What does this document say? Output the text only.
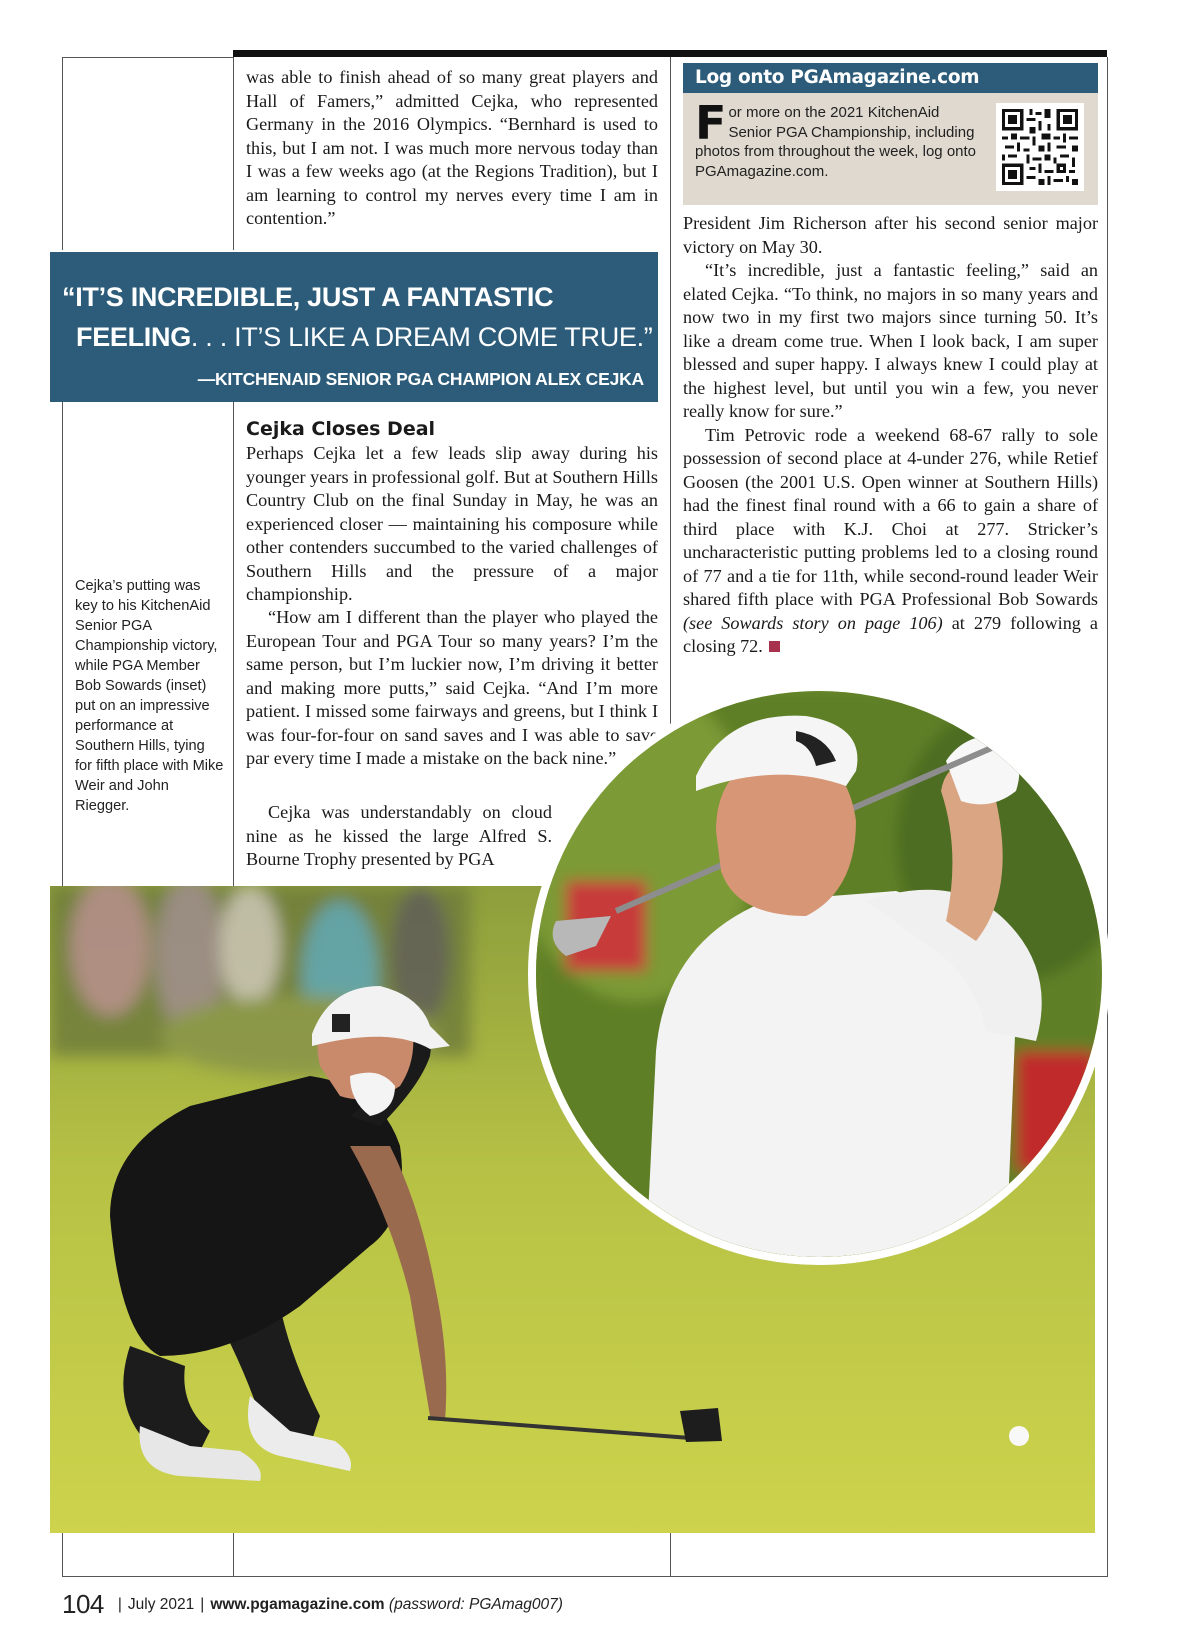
was able to finish ahead of so many great players and Hall of Famers,” admitted Cejka, who represented Germany in the 2016 Olympics. “Bernhard is used to this, but I am not. I was much more nervous today than I was a few weeks ago (at the Regions Tradition), but I am learning to control my nerves every time I am in contention.”

“IT’S INCREDIBLE, JUST A FANTASTIC
FEELING. . . IT’S LIKE A DREAM COME TRUE.”
—KITCHENAID SENIOR PGA CHAMPION ALEX CEJKA
Cejka Closes Deal

Perhaps Cejka let a few leads slip away during his younger years in professional golf. But at Southern Hills Country Club on the final Sunday in May, he was an experienced closer — maintaining his composure while other contenders succumbed to the varied challenges of Southern Hills and the pressure of a major championship.

“How am I different than the player who played the European Tour and PGA Tour so many years? I’m the same person, but I’m luckier now, I’m driving it better and making more putts,” said Cejka. “And I’m more patient. I missed some fairways and greens, but I think I was four-for-four on sand saves and I was able to save par every time I made a mistake on the back nine.”

Cejka was understandably on cloud nine as he kissed the large Alfred S. Bourne Trophy presented by PGA

Log onto PGAmagazine.com
For more on the 2021 KitchenAid Senior PGA Championship, including photos from throughout the week, log onto PGAmagazine.com.

President Jim Richerson after his second senior major victory on May 30.

“It’s incredible, just a fantastic feeling,” said an elated Cejka. “To think, no majors in so many years and now two in my first two majors since turning 50. It’s like a dream come true. When I look back, I am super blessed and super happy. I always knew I could play at the highest level, but until you win a few, you never really know for sure.”

Tim Petrovic rode a weekend 68-67 rally to sole possession of second place at 4-under 276, while Retief Goosen (the 2001 U.S. Open winner at Southern Hills) had the finest final round with a 66 to gain a share of third place with K.J. Choi at 277. Stricker’s uncharacteristic putting problems led to a closing round of 77 and a tie for 11th, while second-round leader Weir shared fifth place with PGA Professional Bob Sowards (see Sowards story on page 106) at 279 following a closing 72.

Cejka’s putting was key to his KitchenAid Senior PGA Championship victory, while PGA Member Bob Sowards (inset) put on an impressive performance at Southern Hills, tying for fifth place with Mike Weir and John Riegger.
104 | July 2021 | www.pgamagazine.com (password: PGAmag007)
